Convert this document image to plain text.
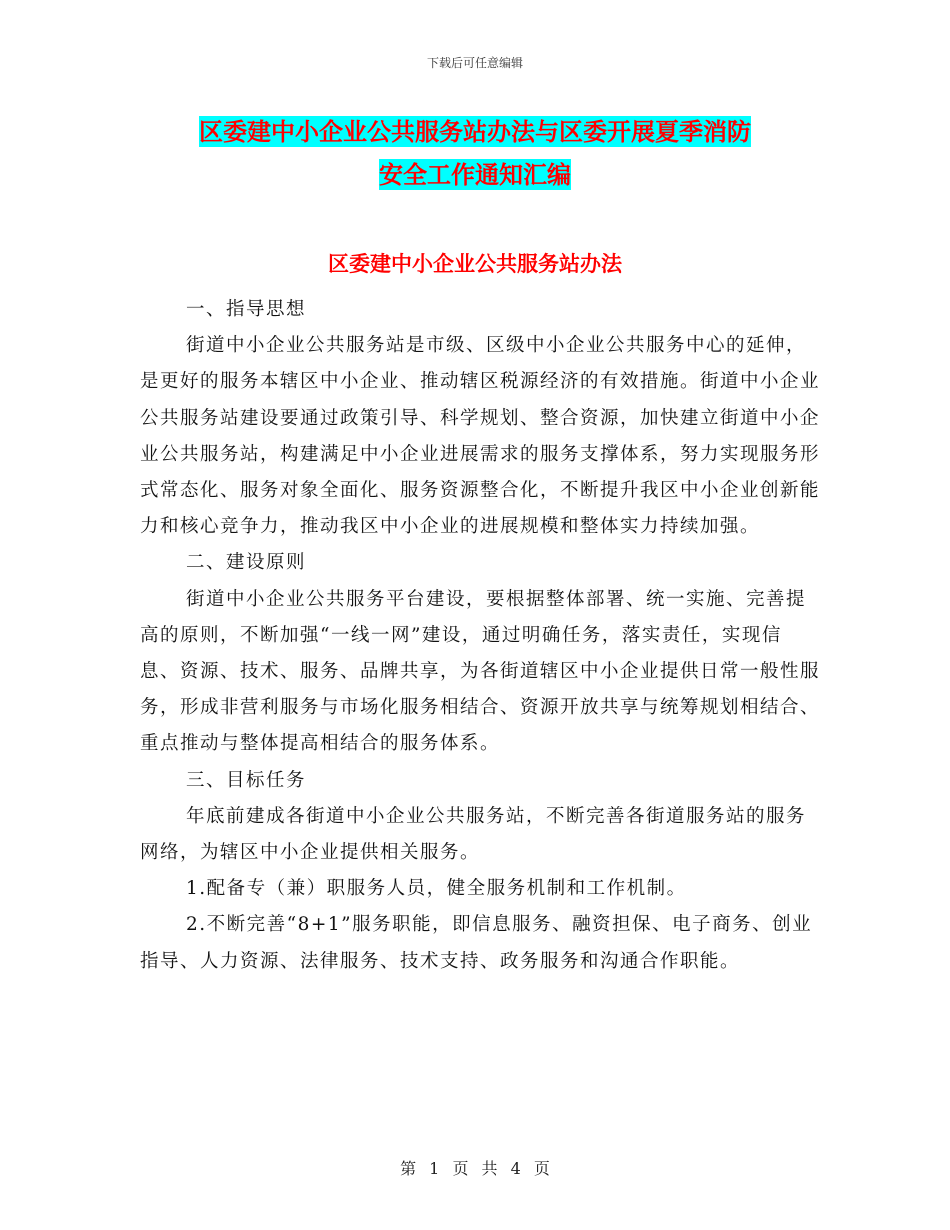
下载后可任意编辑
区委建中小企业公共服务站办法与区委开展夏季消防
安全工作通知汇编
区委建中小企业公共服务站办法

一、指导思想

街道中小企业公共服务站是市级、区级中小企业公共服务中心的延伸，是更好的服务本辖区中小企业、推动辖区税源经济的有效措施。街道中小企业公共服务站建设要通过政策引导、科学规划、整合资源，加快建立街道中小企业公共服务站，构建满足中小企业进展需求的服务支撑体系，努力实现服务形式常态化、服务对象全面化、服务资源整合化，不断提升我区中小企业创新能力和核心竞争力，推动我区中小企业的进展规模和整体实力持续加强。

二、建设原则

街道中小企业公共服务平台建设，要根据整体部署、统一实施、完善提高的原则，不断加强“一线一网”建设，通过明确任务，落实责任，实现信息、资源、技术、服务、品牌共享，为各街道辖区中小企业提供日常一般性服务，形成非营利服务与市场化服务相结合、资源开放共享与统筹规划相结合、重点推动与整体提高相结合的服务体系。

三、目标任务

年底前建成各街道中小企业公共服务站，不断完善各街道服务站的服务网络，为辖区中小企业提供相关服务。

1.配备专（兼）职服务人员，健全服务机制和工作机制。

2.不断完善“8+1”服务职能，即信息服务、融资担保、电子商务、创业指导、人力资源、法律服务、技术支持、政务服务和沟通合作职能。

第 1 页 共 4 页
